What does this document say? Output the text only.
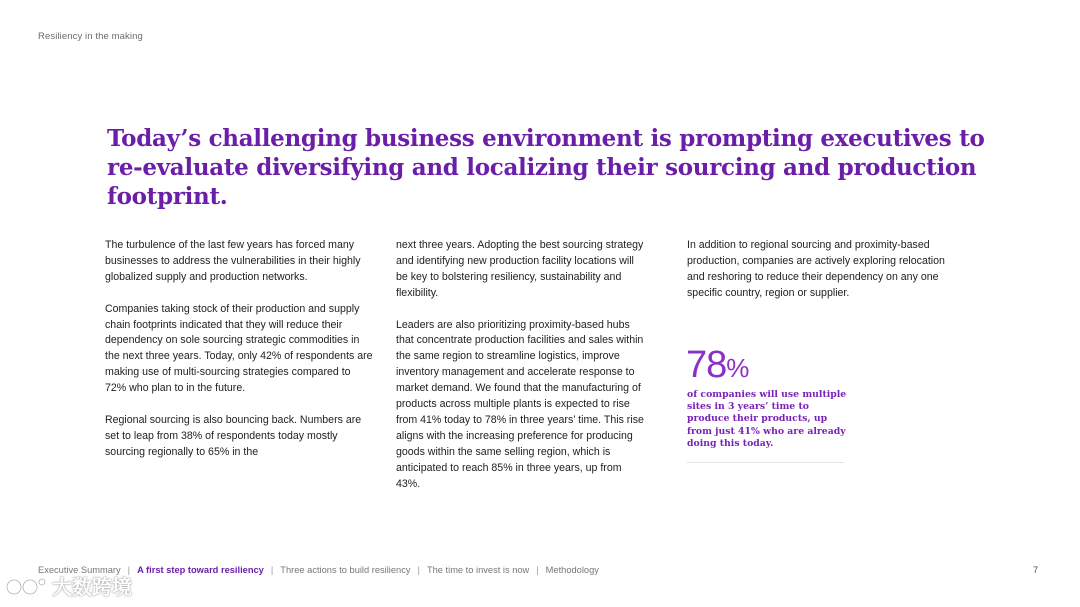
Resiliency in the making
Today’s challenging business environment is prompting executives to
re-evaluate diversifying and localizing their sourcing and production footprint.

The turbulence of the last few years has forced many businesses to address the vulnerabilities in their highly globalized supply and production networks.

Companies taking stock of their production and supply chain footprints indicated that they will reduce their dependency on sole sourcing strategic commodities in the next three years. Today, only 42% of respondents are making use of multi-sourcing strategies compared to 72% who plan to in the future.

Regional sourcing is also bouncing back. Numbers are set to leap from 38% of respondents today mostly sourcing regionally to 65% in the

next three years. Adopting the best sourcing strategy and identifying new production facility locations will be key to bolstering resiliency, sustainability and flexibility.

Leaders are also prioritizing proximity-based hubs that concentrate production facilities and sales within the same region to streamline logistics, improve inventory management and accelerate response to market demand. We found that the manufacturing of products across multiple plants is expected to rise from 41% today to 78% in three years’ time. This rise aligns with the increasing preference for producing goods within the same selling region, which is anticipated to reach 85% in three years, up from 43%.

In addition to regional sourcing and proximity-based production, companies are actively exploring relocation and reshoring to reduce their dependency on any one specific country, region or supplier.

78%
of companies will use multiple sites in 3 years’ time to produce their products, up from just 41% who are already doing this today.
Executive Summary | A first step toward resiliency | Three actions to build resiliency | The time to invest is now | Methodology	7
大数跨境
